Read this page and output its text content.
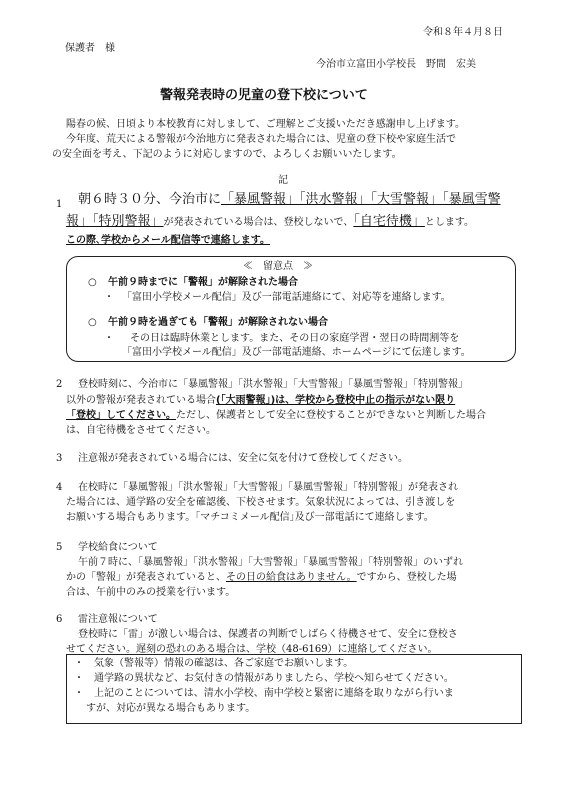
令和８年４月８日
保護者　様
今治市立富田小学校長　野間　宏美
警報発表時の児童の登下校について
陽春の候、日頃より本校教育に対しまして、ご理解とご支援いただき感謝申し上げます。
今年度、荒天による警報が今治地方に発表された場合には、児童の登下校や家庭生活で
の安全面を考え、下記のように対応しますので、よろしくお願いいたします。
記
1 朝６時３０分、今治市に「暴風警報」「洪水警報」「大雪警報」「暴風雪警
報」「特別警報」が発表されている場合は、登校しないで、「自宅待機」とします。
この際､学校からメール配信等で連絡します。
≪　留意点　≫
○ 午前９時までに「警報」が解除された場合
・ 「富田小学校メール配信」及び一部電話連絡にて、対応等を連絡します。
○ 午前９時を過ぎても「警報」が解除されない場合
・ その日は臨時休業とします。また、その日の家庭学習・翌日の時間割等を
「富田小学校メール配信」及び一部電話連絡、ホームページにて伝達します。
2 登校時刻に、今治市に「暴風警報」｢洪水警報｣「大雪警報」｢暴風雪警報｣「特別警報」
以外の警報が発表されている場合(「大雨警報」)は、学校から登校中止の指示がない限り
「登校」してください。ただし、保護者として安全に登校することができないと判断した場合
は、自宅待機をさせてください。
3 注意報が発表されている場合には、安全に気を付けて登校してください。
4 在校時に「暴風警報」｢洪水警報｣「大雪警報」「暴風雪警報」「特別警報」が発表され
た場合には、通学路の安全を確認後、下校させます。気象状況によっては、引き渡しを
お願いする場合もあります。｢マチコミメール配信｣及び一部電話にて連絡します。
5 学校給食について
午前７時に、「暴風警報」｢洪水警報｣「大雪警報」｢暴風雪警報｣「特別警報」のいずれ
かの「警報」が発表されていると、その日の給食はありません。ですから、登校した場
合は、午前中のみの授業を行います。
6 雷注意報について
登校時に「雷」が激しい場合は、保護者の判断でしばらく待機させて、安全に登校さ
せてください。遅刻の恐れのある場合は、学校（48-6169）に連絡してください。
・　気象（警報等）情報の確認は、各ご家庭でお願いします。
・　通学路の異状など、お気付きの情報がありましたら、学校へ知らせてください。
・　上記のことについては、清水小学校、南中学校と緊密に連絡を取りながら行いま
すが、対応が異なる場合もあります。
